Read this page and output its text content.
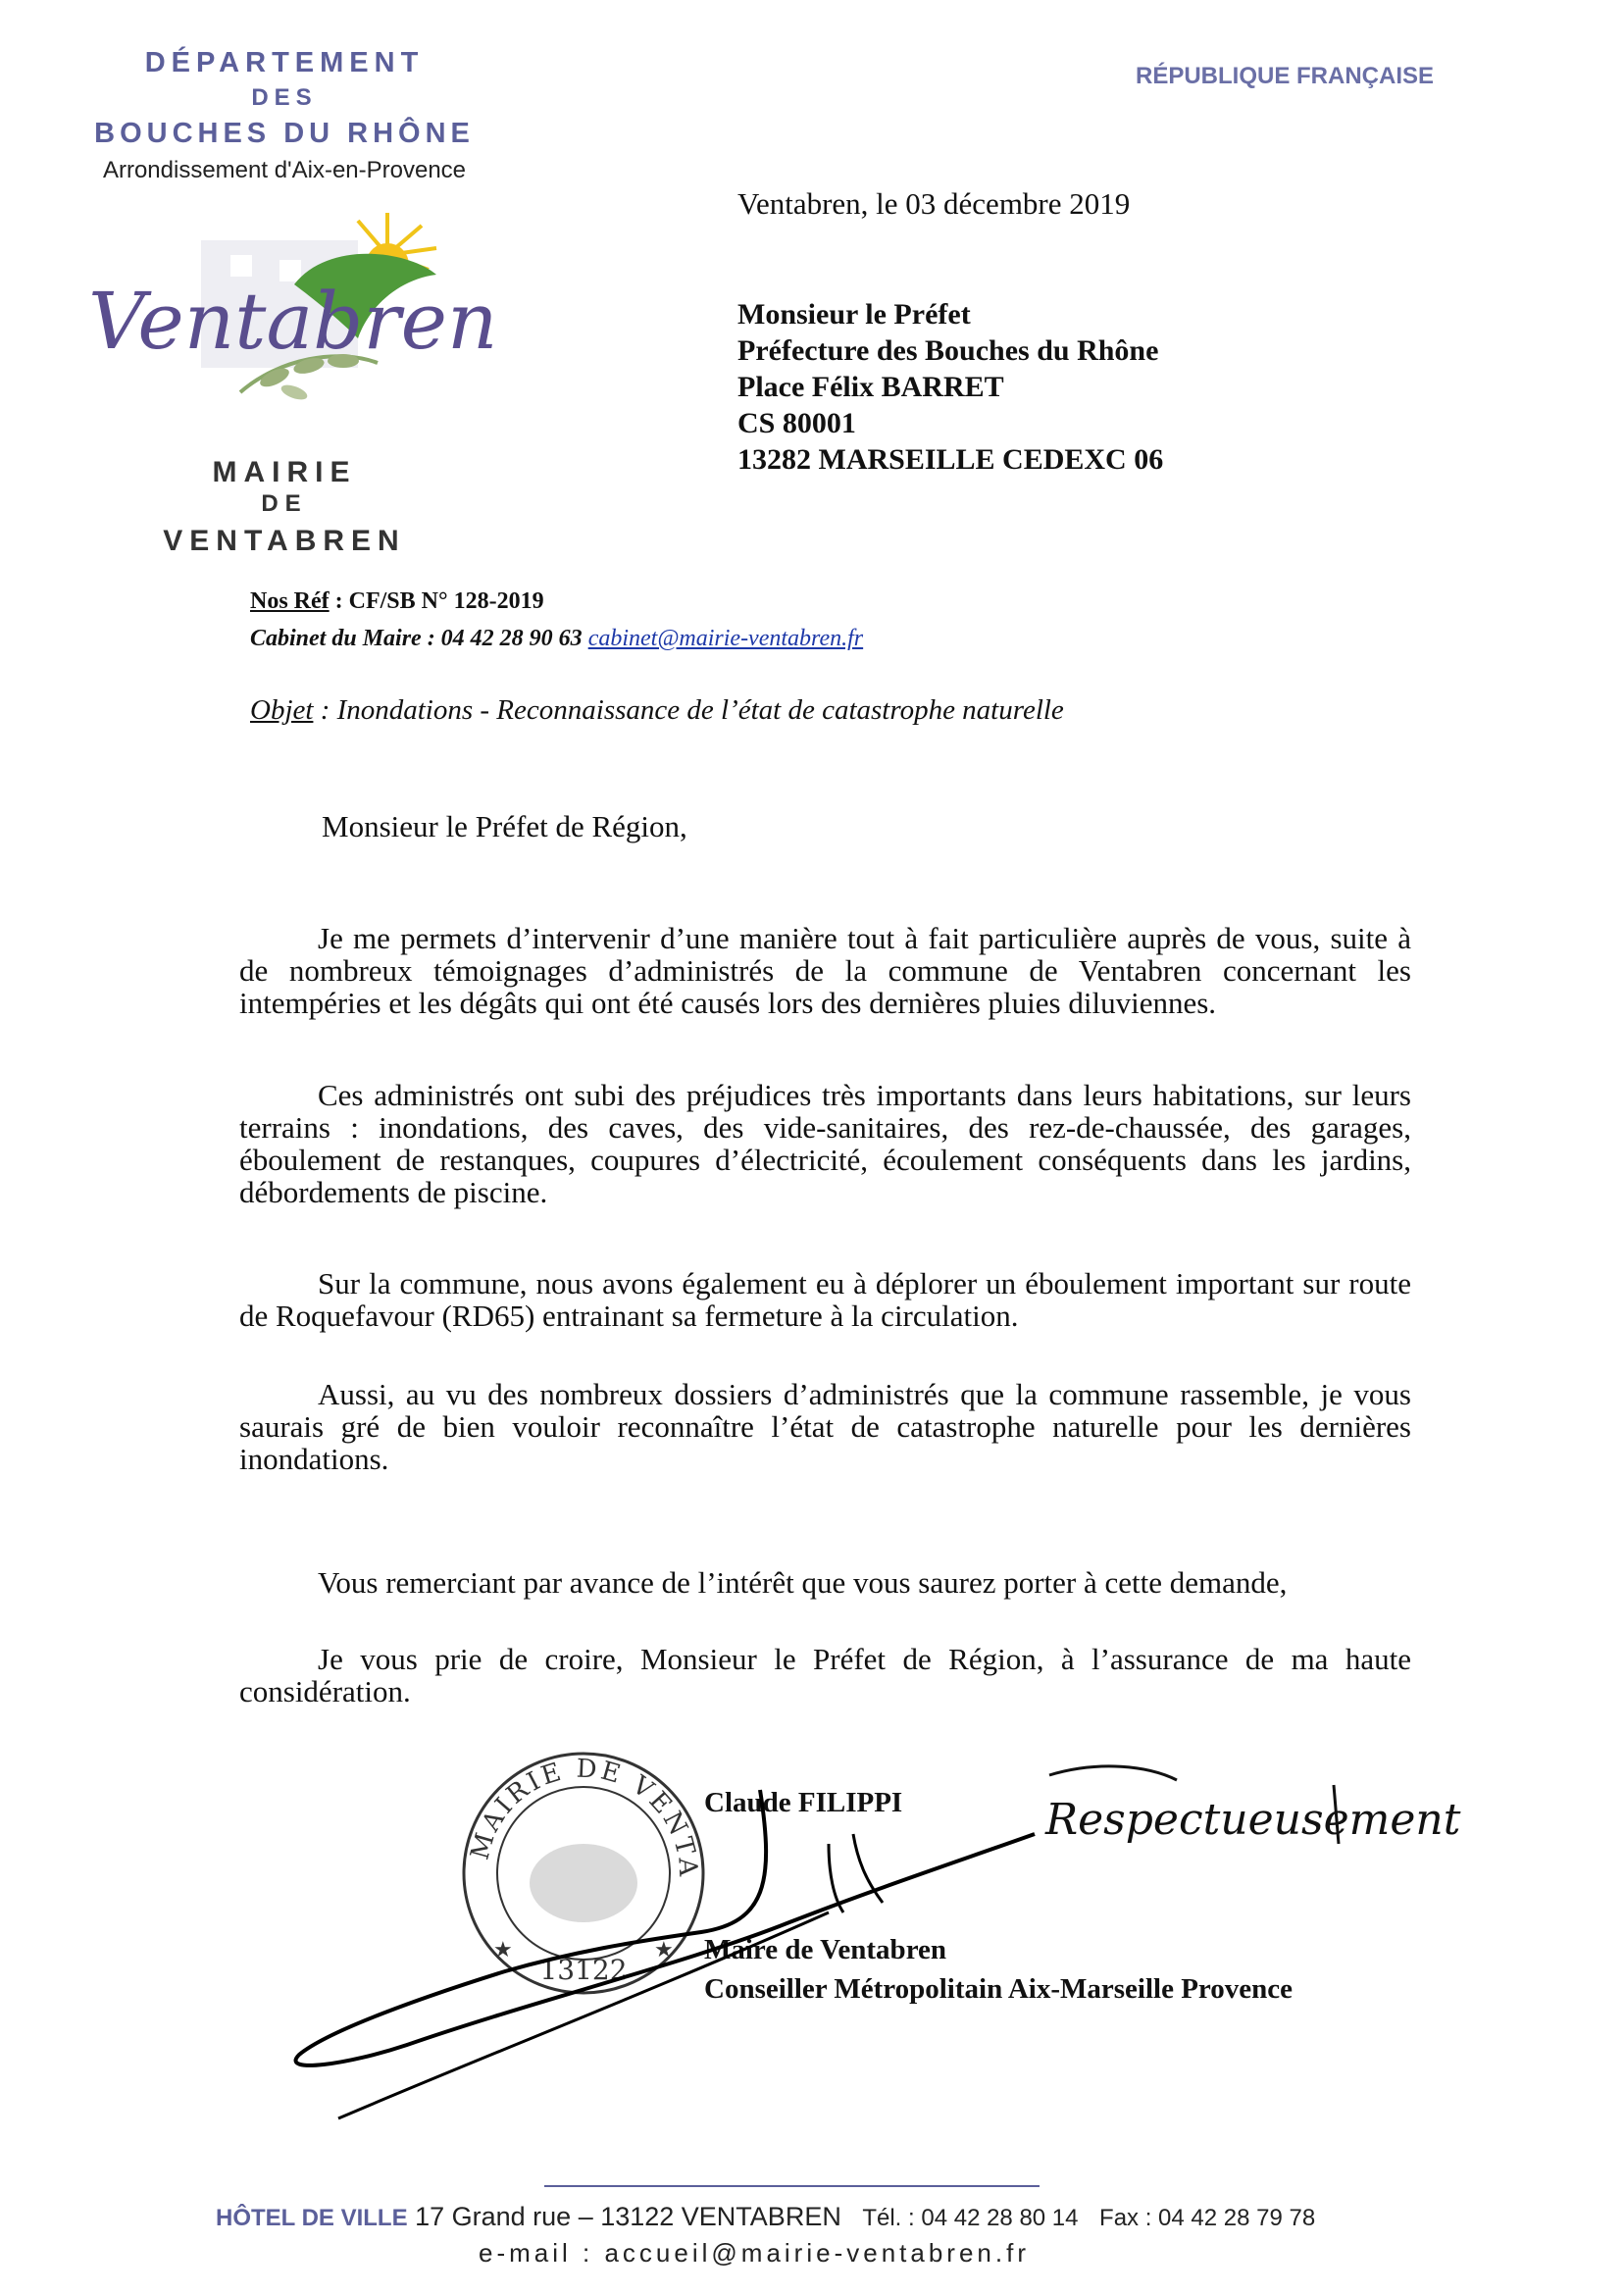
DÉPARTEMENT
DES
BOUCHES DU RHÔNE
Arrondissement d'Aix-en-Provence
RÉPUBLIQUE FRANÇAISE
Ventabren
MAIRIE
DE
VENTABREN
Ventabren, le 03 décembre 2019
Monsieur le Préfet
Préfecture des Bouches du Rhône
Place Félix BARRET
CS 80001
13282 MARSEILLE CEDEXC 06
Nos Réf : CF/SB N° 128-2019
Cabinet du Maire : 04 42 28 90 63 cabinet@mairie-ventabren.fr
Objet : Inondations - Reconnaissance de l’état de catastrophe naturelle
Monsieur le Préfet de Région,
Je me permets d’intervenir d’une manière tout à fait particulière auprès de vous, suite à de nombreux témoignages d’administrés de la commune de Ventabren concernant les intempéries et les dégâts qui ont été causés lors des dernières pluies diluviennes.
Ces administrés ont subi des préjudices très importants dans leurs habitations, sur leurs terrains : inondations, des caves, des vide-sanitaires, des rez-de-chaussée, des garages, éboulement de restanques, coupures d’électricité, écoulement conséquents dans les jardins, débordements de piscine.
Sur la commune, nous avons également eu à déplorer un éboulement important sur route de Roquefavour (RD65) entrainant sa fermeture à la circulation.
Aussi, au vu des nombreux dossiers d’administrés que la commune rassemble, je vous saurais gré de bien vouloir reconnaître l’état de catastrophe naturelle pour les dernières inondations.
Vous remerciant par avance de l’intérêt que vous saurez porter à cette demande,
Je vous prie de croire, Monsieur le Préfet de Région, à l’assurance de ma haute considération.
MAIRIE DE VENTA
13122
★	★
Claude FILIPPI
Maire de Ventabren
Conseiller Métropolitain Aix-Marseille Provence
Respectueusement
HÔTEL DE VILLE 17 Grand rue – 13122 VENTABREN Tél. : 04 42 28 80 14 Fax : 04 42 28 79 78
e-mail : accueil@mairie-ventabren.fr
